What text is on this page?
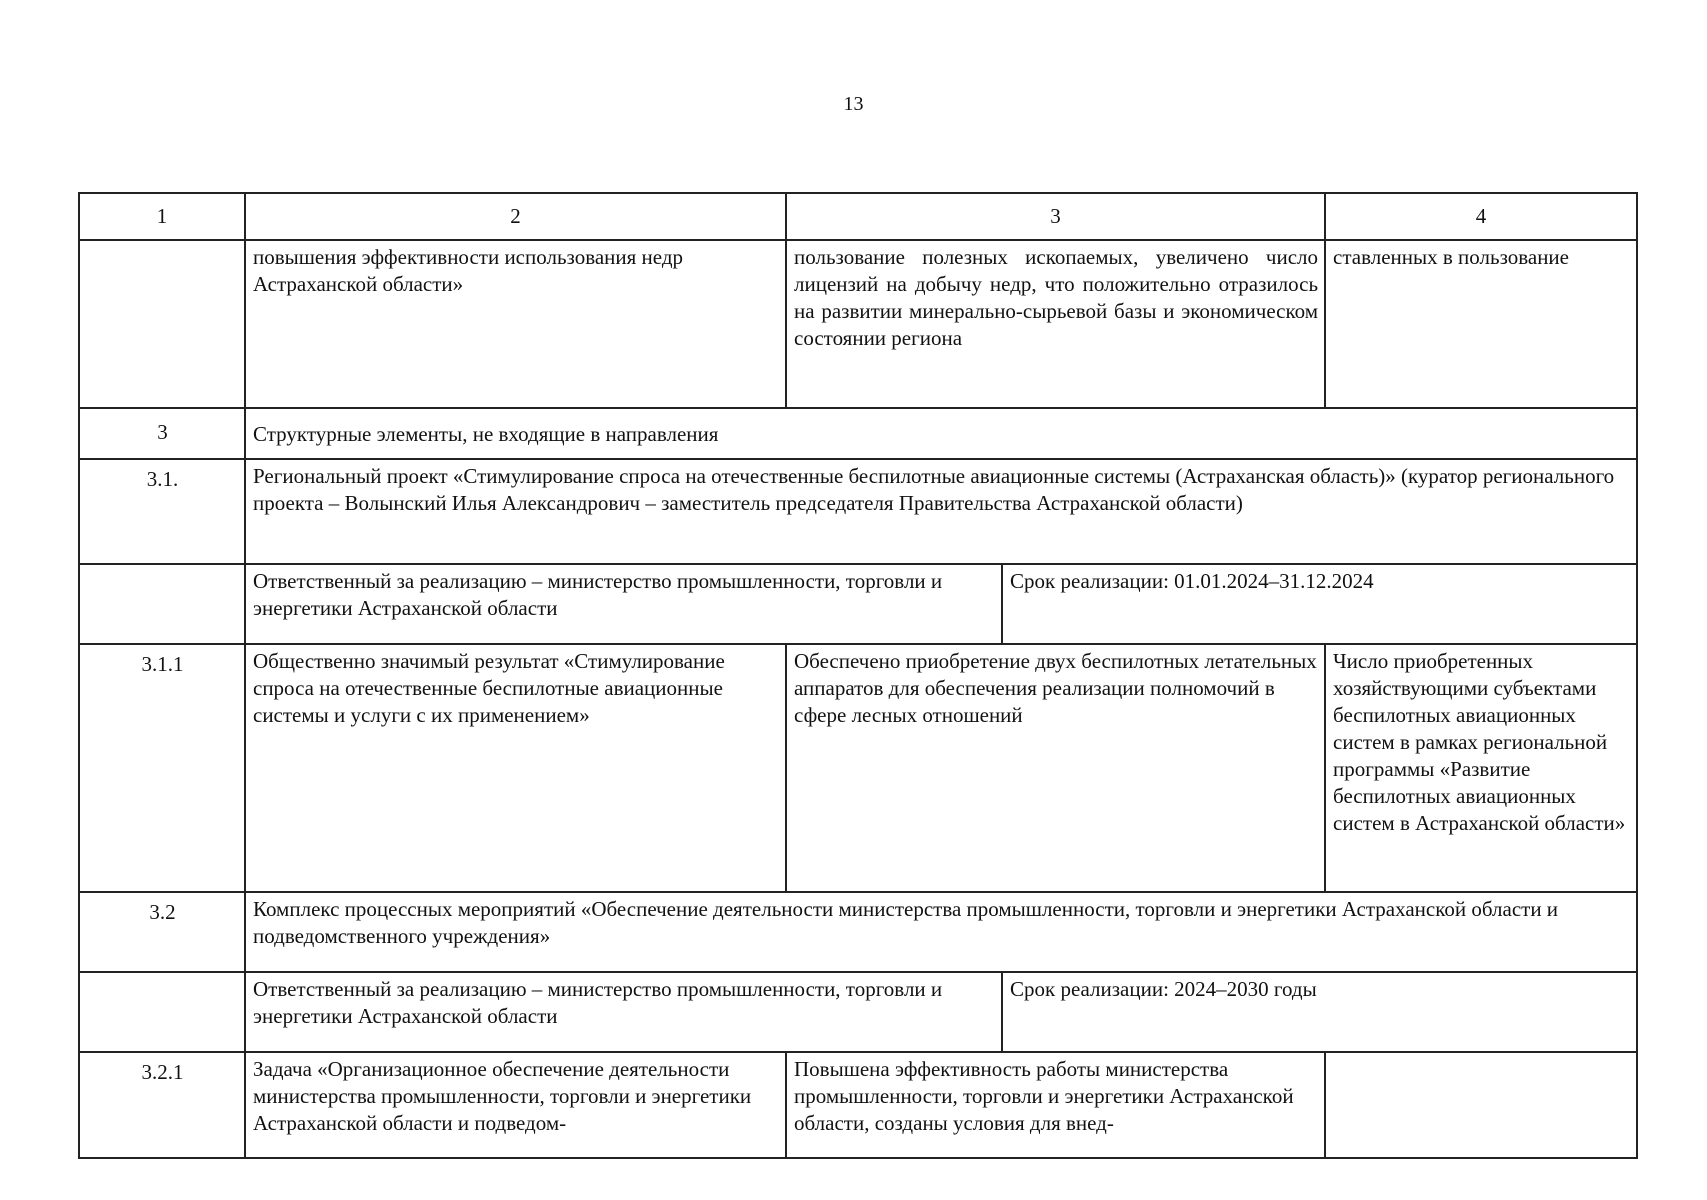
13
1	2	3		4
	повышения эффективности использования недр Астраханской области»	пользование полезных ископаемых, увеличено число лицензий на добычу недр, что положительно отразилось на развитии минерально-сырьевой базы и экономическом состоянии региона		ставленных в пользование
3	Структурные элементы, не входящие в направления			
3.1.	Региональный проект «Стимулирование спроса на отечественные беспилотные авиационные системы (Астраханская область)» (куратор регионального проекта – Волынский Илья Александрович – заместитель председателя Правительства Астраханской области)			
	Ответственный за реализацию – министерство промышленности, торговли и энергетики Астраханской области		Срок реализации: 01.01.2024–31.12.2024	
3.1.1	Общественно значимый результат «Стимулирование спроса на отечественные беспилотные авиационные системы и услуги с их применением»	Обеспечено приобретение двух беспилотных летательных аппаратов для обеспечения реализации полномочий в сфере лесных отношений		Число приобретенных хозяйствующими субъектами беспилотных авиационных систем в рамках региональной программы «Развитие беспилотных авиационных систем в Астраханской области»
3.2	Комплекс процессных мероприятий «Обеспечение деятельности министерства промышленности, торговли и энергетики Астраханской области и подведомственного учреждения»			
	Ответственный за реализацию – министерство промышленности, торговли и энергетики Астраханской области		Срок реализации: 2024–2030 годы	
3.2.1	Задача «Организационное обеспечение деятельности министерства промышленности, торговли и энергетики Астраханской области и подведом-	Повышена эффективность работы министерства промышленности, торговли и энергетики Астраханской области, созданы условия для внед-		
